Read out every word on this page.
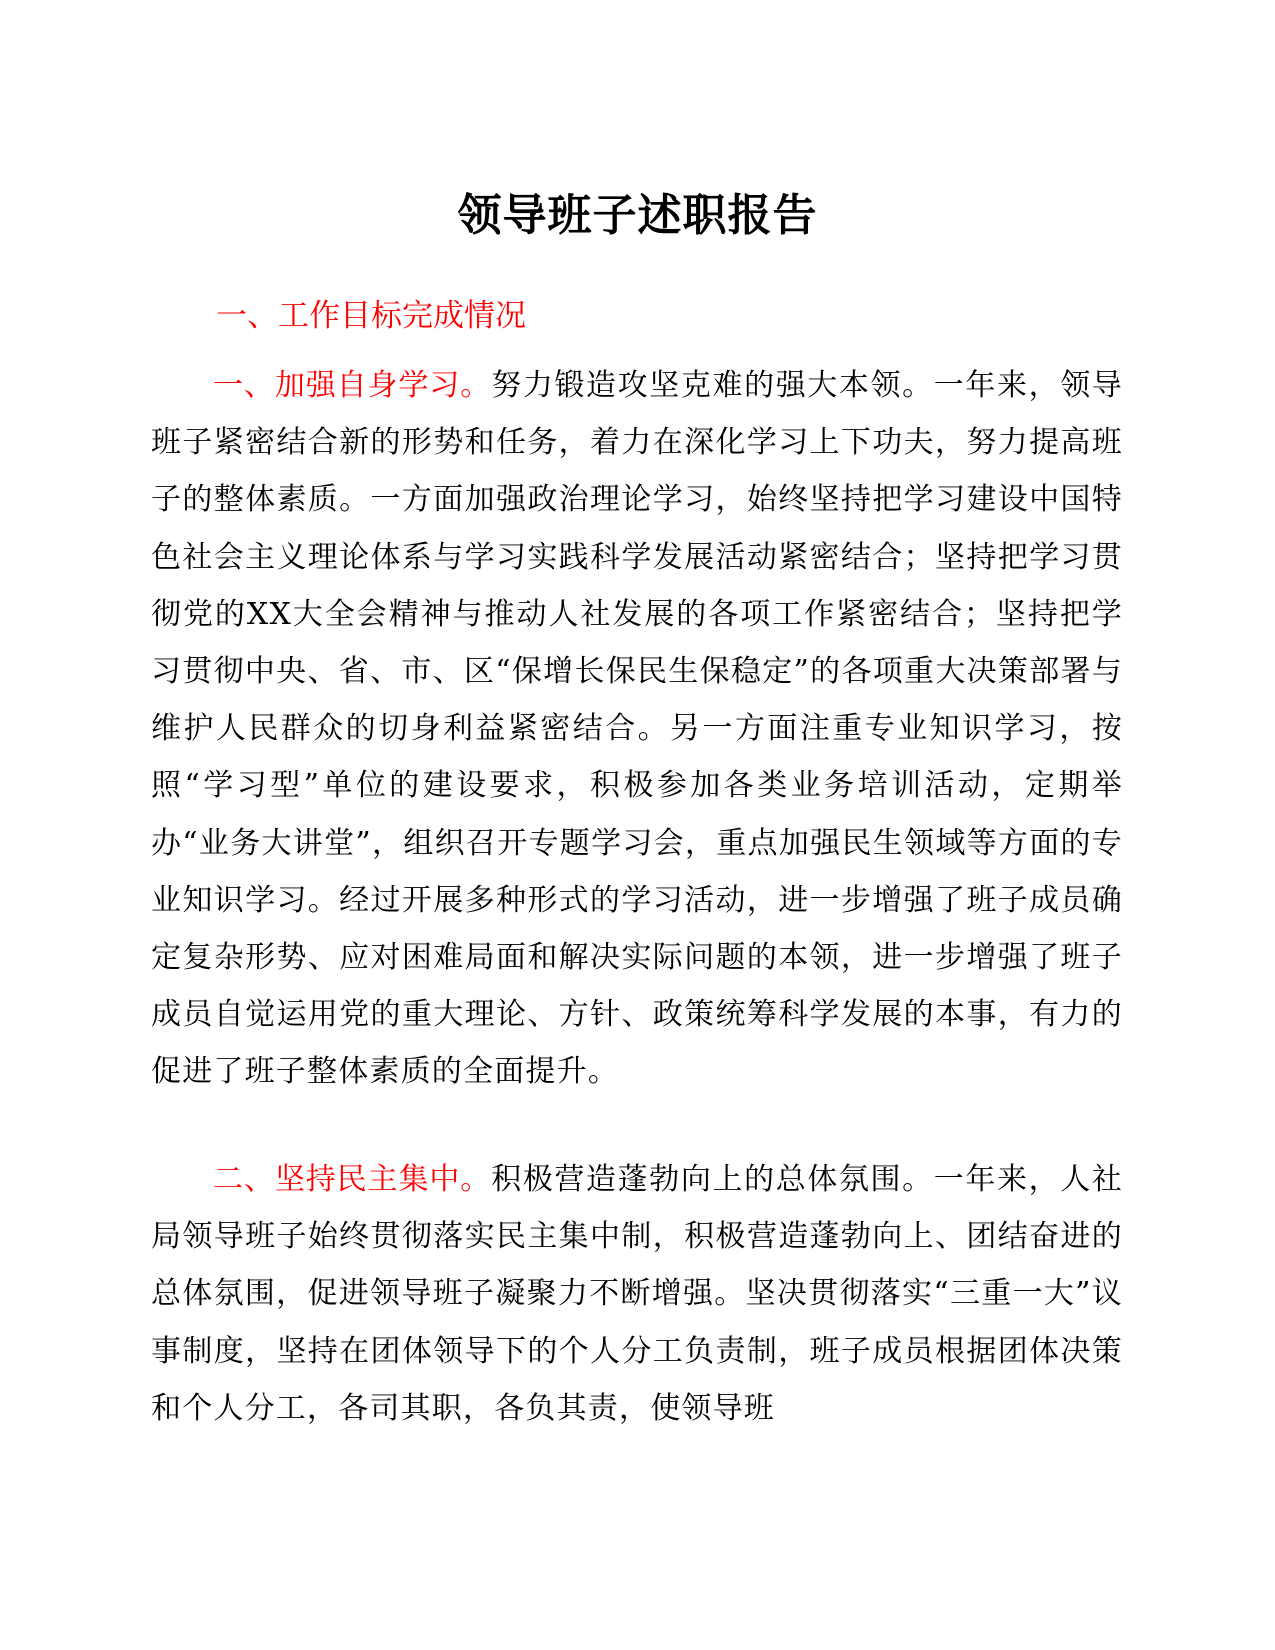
领导班子述职报告
一、工作目标完成情况

一、加强自身学习。努力锻造攻坚克难的强大本领。一年来，领导班子紧密结合新的形势和任务，着力在深化学习上下功夫，努力提高班子的整体素质。一方面加强政治理论学习，始终坚持把学习建设中国特色社会主义理论体系与学习实践科学发展活动紧密结合；坚持把学习贯彻党的XX大全会精神与推动人社发展的各项工作紧密结合；坚持把学习贯彻中央、省、市、区“保增长保民生保稳定”的各项重大决策部署与维护人民群众的切身利益紧密结合。另一方面注重专业知识学习，按照“学习型”单位的建设要求，积极参加各类业务培训活动，定期举办“业务大讲堂”，组织召开专题学习会，重点加强民生领域等方面的专业知识学习。经过开展多种形式的学习活动，进一步增强了班子成员确定复杂形势、应对困难局面和解决实际问题的本领，进一步增强了班子成员自觉运用党的重大理论、方针、政策统筹科学发展的本事，有力的促进了班子整体素质的全面提升。

二、坚持民主集中。积极营造蓬勃向上的总体氛围。一年来，人社局领导班子始终贯彻落实民主集中制，积极营造蓬勃向上、团结奋进的总体氛围，促进领导班子凝聚力不断增强。坚决贯彻落实“三重一大”议事制度，坚持在团体领导下的个人分工负责制，班子成员根据团体决策和个人分工，各司其职，各负其责，使领导班
